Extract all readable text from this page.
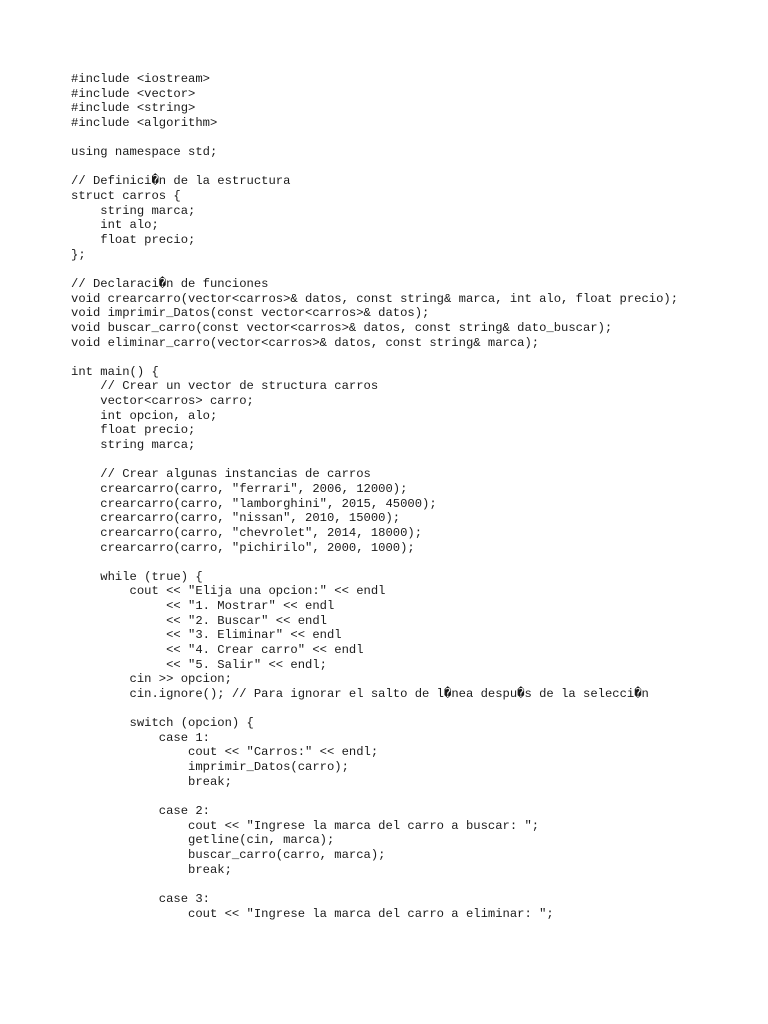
#include <iostream>
#include <vector>
#include <string>
#include <algorithm>
using namespace std;
// Definici�n de la estructura
struct carros {
string marca;
int alo;
float precio;
};
// Declaraci�n de funciones
void crearcarro(vector<carros>& datos, const string& marca, int alo, float precio);
void imprimir_Datos(const vector<carros>& datos);
void buscar_carro(const vector<carros>& datos, const string& dato_buscar);
void eliminar_carro(vector<carros>& datos, const string& marca);
int main() {
// Crear un vector de structura carros
vector<carros> carro;
int opcion, alo;
float precio;
string marca;
// Crear algunas instancias de carros
crearcarro(carro, "ferrari", 2006, 12000);
crearcarro(carro, "lamborghini", 2015, 45000);
crearcarro(carro, "nissan", 2010, 15000);
crearcarro(carro, "chevrolet", 2014, 18000);
crearcarro(carro, "pichirilo", 2000, 1000);
while (true) {
cout << "Elija una opcion:" << endl
<< "1. Mostrar" << endl
<< "2. Buscar" << endl
<< "3. Eliminar" << endl
<< "4. Crear carro" << endl
<< "5. Salir" << endl;
cin >> opcion;
cin.ignore(); // Para ignorar el salto de l�nea despu�s de la selecci�n
switch (opcion) {
case 1:
cout << "Carros:" << endl;
imprimir_Datos(carro);
break;
case 2:
cout << "Ingrese la marca del carro a buscar: ";
getline(cin, marca);
buscar_carro(carro, marca);
break;
case 3:
cout << "Ingrese la marca del carro a eliminar: ";
